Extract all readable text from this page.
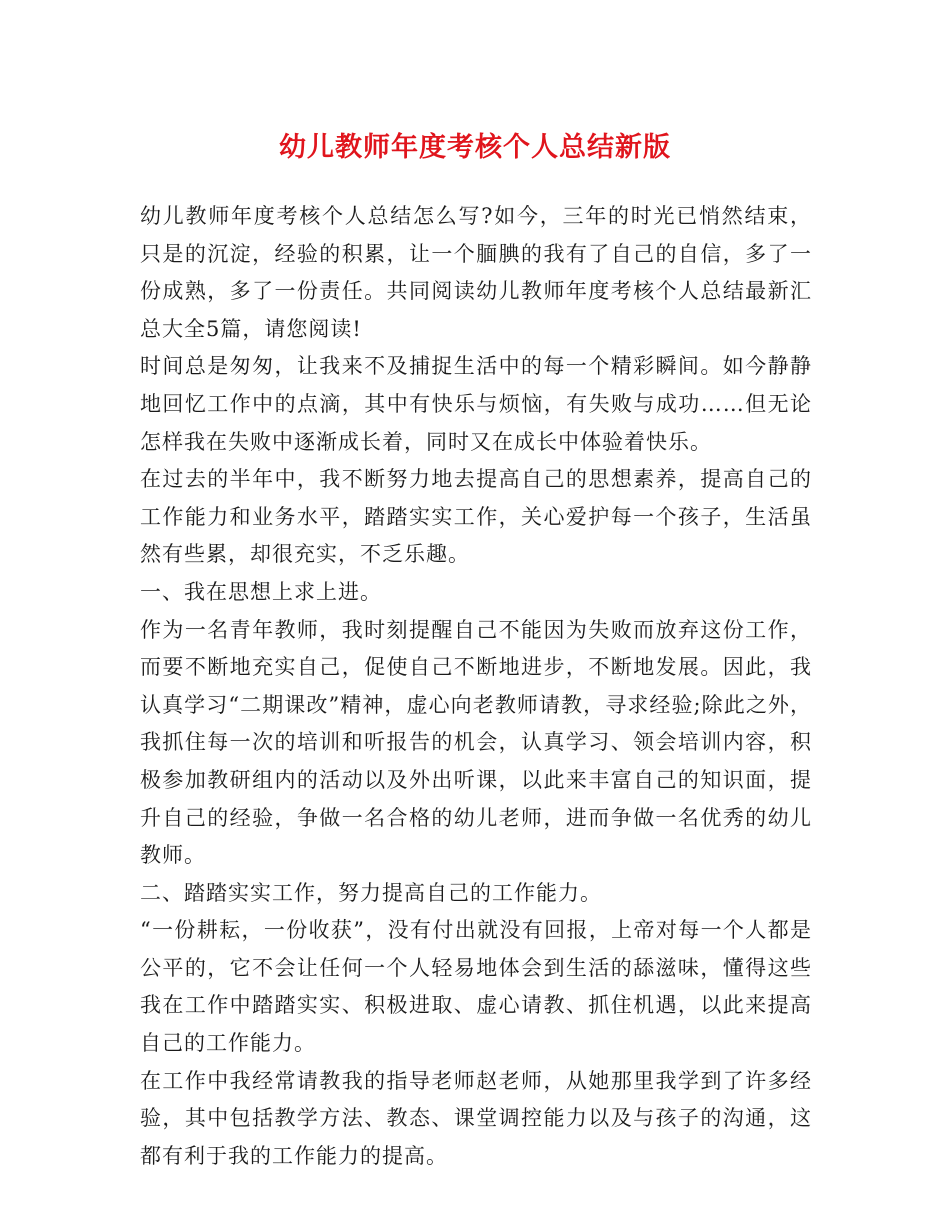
幼儿教师年度考核个人总结新版

幼儿教师年度考核个人总结怎么写?如今，三年的时光已悄然结束，只是的沉淀，经验的积累，让一个腼腆的我有了自己的自信，多了一份成熟，多了一份责任。共同阅读幼儿教师年度考核个人总结最新汇总大全5篇，请您阅读!

时间总是匆匆，让我来不及捕捉生活中的每一个精彩瞬间。如今静静地回忆工作中的点滴，其中有快乐与烦恼，有失败与成功……但无论怎样我在失败中逐渐成长着，同时又在成长中体验着快乐。

在过去的半年中，我不断努力地去提高自己的思想素养，提高自己的工作能力和业务水平，踏踏实实工作，关心爱护每一个孩子，生活虽然有些累，却很充实，不乏乐趣。

一、我在思想上求上进。

作为一名青年教师，我时刻提醒自己不能因为失败而放弃这份工作，而要不断地充实自己，促使自己不断地进步，不断地发展。因此，我认真学习“二期课改”精神，虚心向老教师请教，寻求经验;除此之外，我抓住每一次的培训和听报告的机会，认真学习、领会培训内容，积极参加教研组内的活动以及外出听课，以此来丰富自己的知识面，提升自己的经验，争做一名合格的幼儿老师，进而争做一名优秀的幼儿教师。

二、踏踏实实工作，努力提高自己的工作能力。

“一份耕耘，一份收获”，没有付出就没有回报，上帝对每一个人都是公平的，它不会让任何一个人轻易地体会到生活的舔滋味，懂得这些我在工作中踏踏实实、积极进取、虚心请教、抓住机遇，以此来提高自己的工作能力。

在工作中我经常请教我的指导老师赵老师，从她那里我学到了许多经验，其中包括教学方法、教态、课堂调控能力以及与孩子的沟通，这都有利于我的工作能力的提高。
